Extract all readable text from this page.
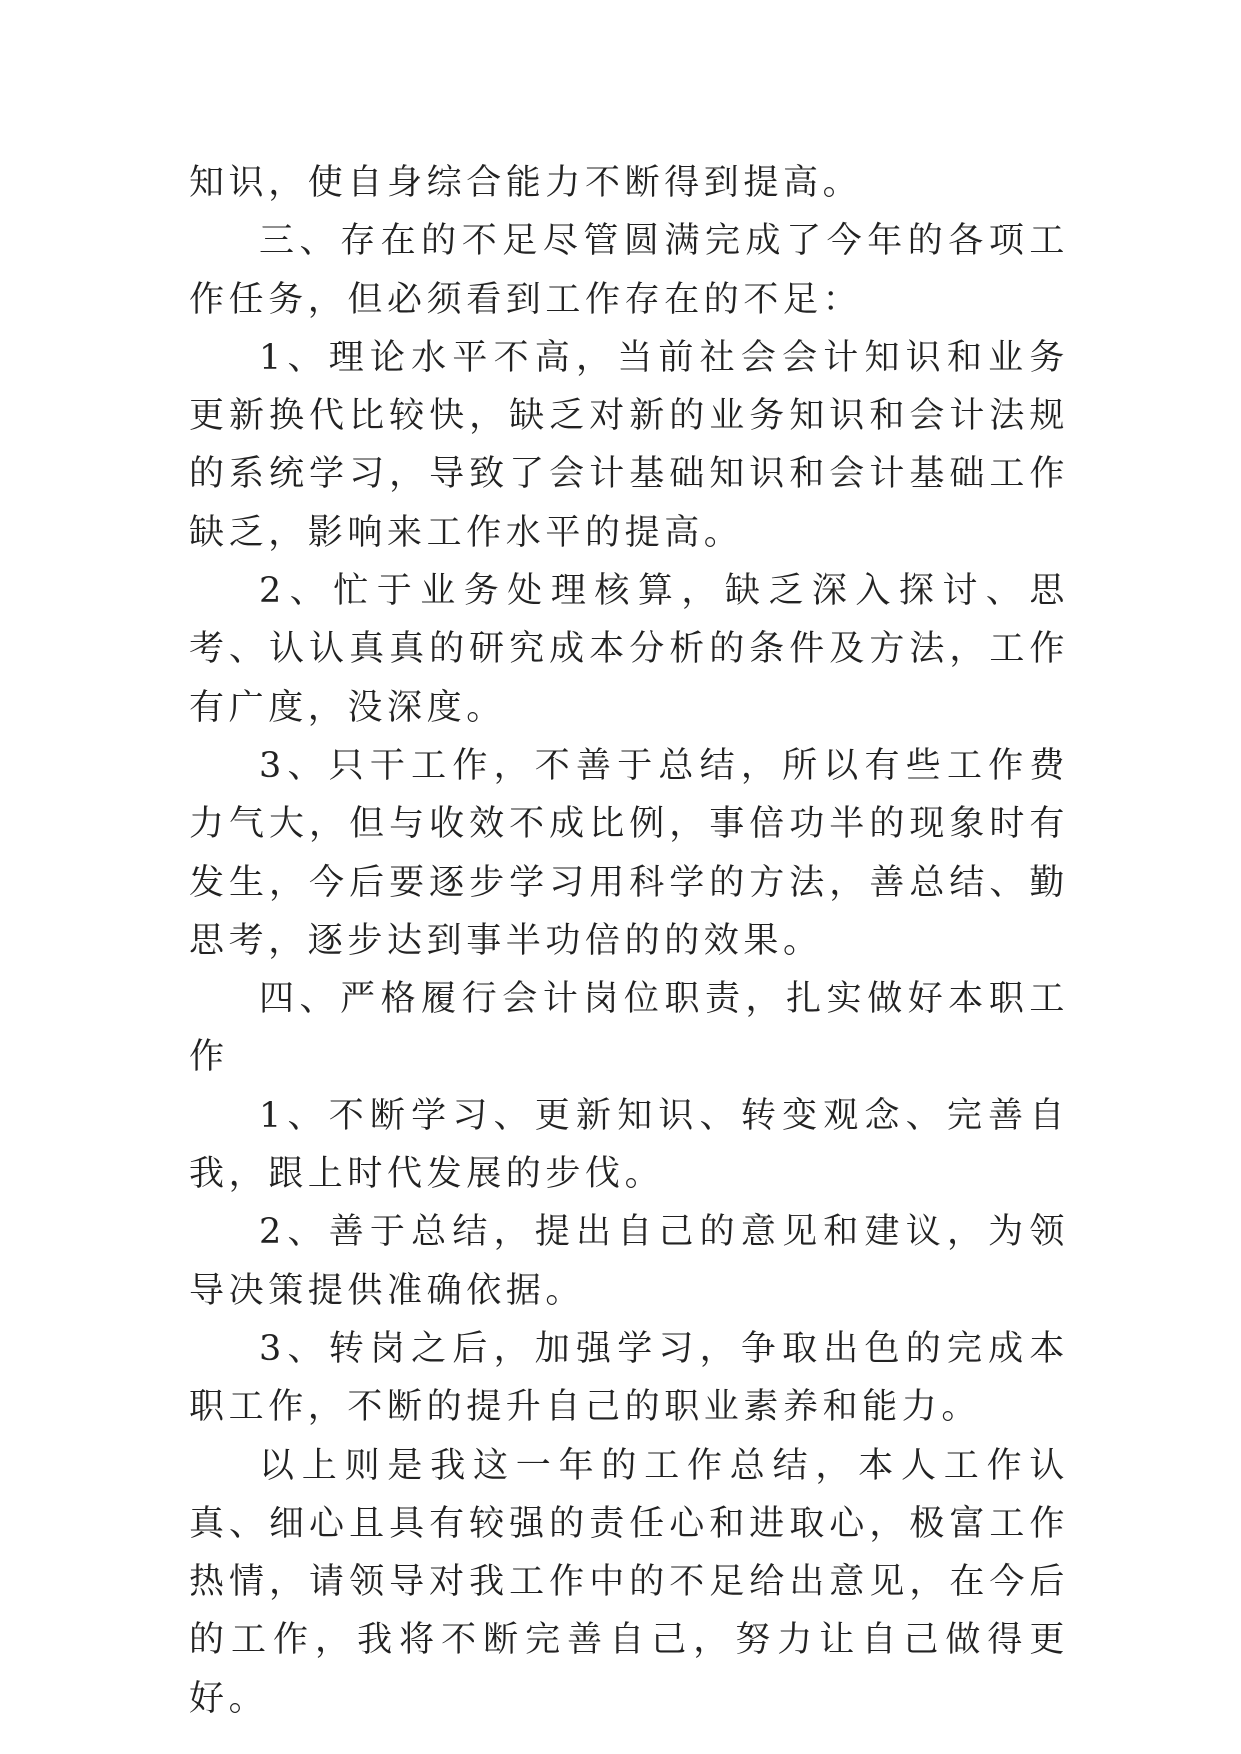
知识，使自身综合能力不断得到提高。

三、存在的不足尽管圆满完成了今年的各项工作任务，但必须看到工作存在的不足：

1、理论水平不高，当前社会会计知识和业务更新换代比较快，缺乏对新的业务知识和会计法规的系统学习，导致了会计基础知识和会计基础工作缺乏，影响来工作水平的提高。

2、忙于业务处理核算，缺乏深入探讨、思考、认认真真的研究成本分析的条件及方法，工作有广度，没深度。

3、只干工作，不善于总结，所以有些工作费力气大，但与收效不成比例，事倍功半的现象时有发生，今后要逐步学习用科学的方法，善总结、勤思考，逐步达到事半功倍的的效果。

四、严格履行会计岗位职责，扎实做好本职工作

1、不断学习、更新知识、转变观念、完善自我，跟上时代发展的步伐。

2、善于总结，提出自己的意见和建议，为领导决策提供准确依据。

3、转岗之后，加强学习，争取出色的完成本职工作，不断的提升自己的职业素养和能力。

以上则是我这一年的工作总结，本人工作认真、细心且具有较强的责任心和进取心，极富工作热情，请领导对我工作中的不足给出意见，在今后的工作，我将不断完善自己，努力让自己做得更好。
